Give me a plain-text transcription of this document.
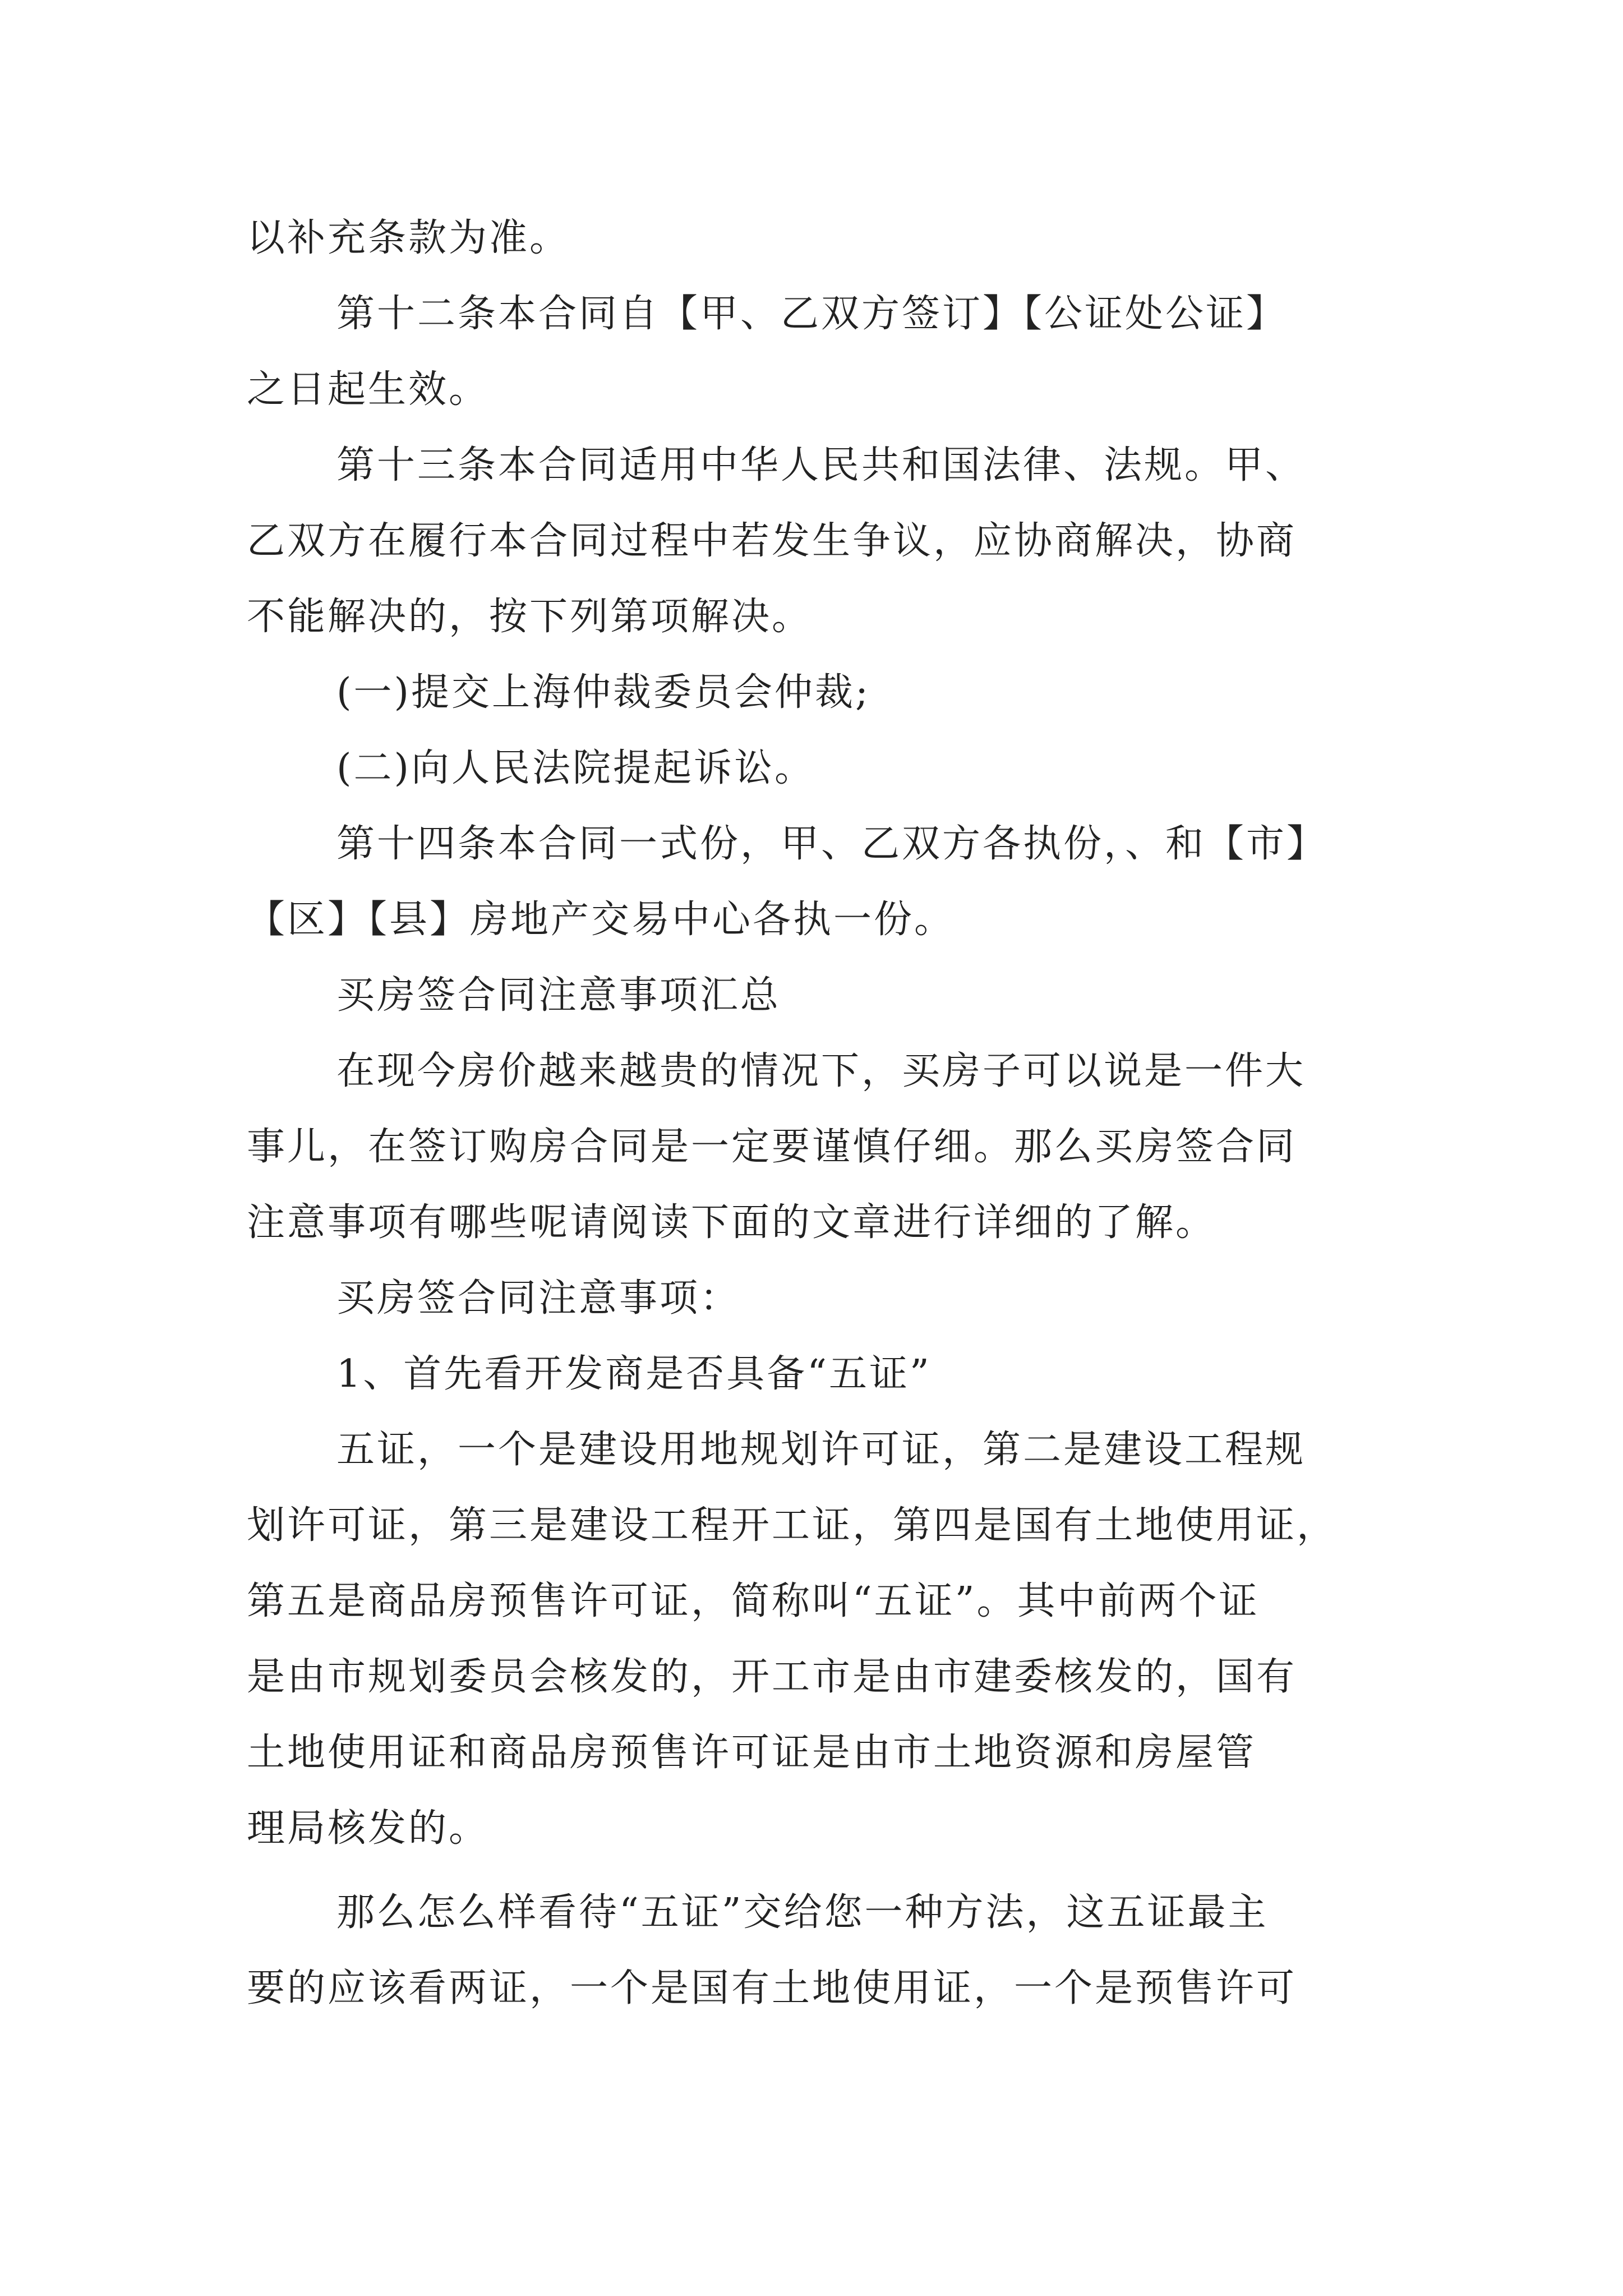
以补充条款为准。
第十二条本合同自【甲、乙双方签订】【公证处公证】
之日起生效。
第十三条本合同适用中华人民共和国法律、法规。甲、
乙双方在履行本合同过程中若发生争议，应协商解决，协商
不能解决的，按下列第项解决。
(一)提交上海仲裁委员会仲裁;
(二)向人民法院提起诉讼。
第十四条本合同一式份，甲、乙双方各执份，、和【市】
【区】【县】房地产交易中心各执一份。
买房签合同注意事项汇总
在现今房价越来越贵的情况下，买房子可以说是一件大
事儿，在签订购房合同是一定要谨慎仔细。那么买房签合同
注意事项有哪些呢请阅读下面的文章进行详细的了解。
买房签合同注意事项：
1、首先看开发商是否具备“五证”
五证，一个是建设用地规划许可证，第二是建设工程规
划许可证，第三是建设工程开工证，第四是国有土地使用证，
第五是商品房预售许可证，简称叫“五证”。其中前两个证
是由市规划委员会核发的，开工市是由市建委核发的，国有
土地使用证和商品房预售许可证是由市土地资源和房屋管
理局核发的。
那么怎么样看待“五证”交给您一种方法，这五证最主
要的应该看两证，一个是国有土地使用证，一个是预售许可
